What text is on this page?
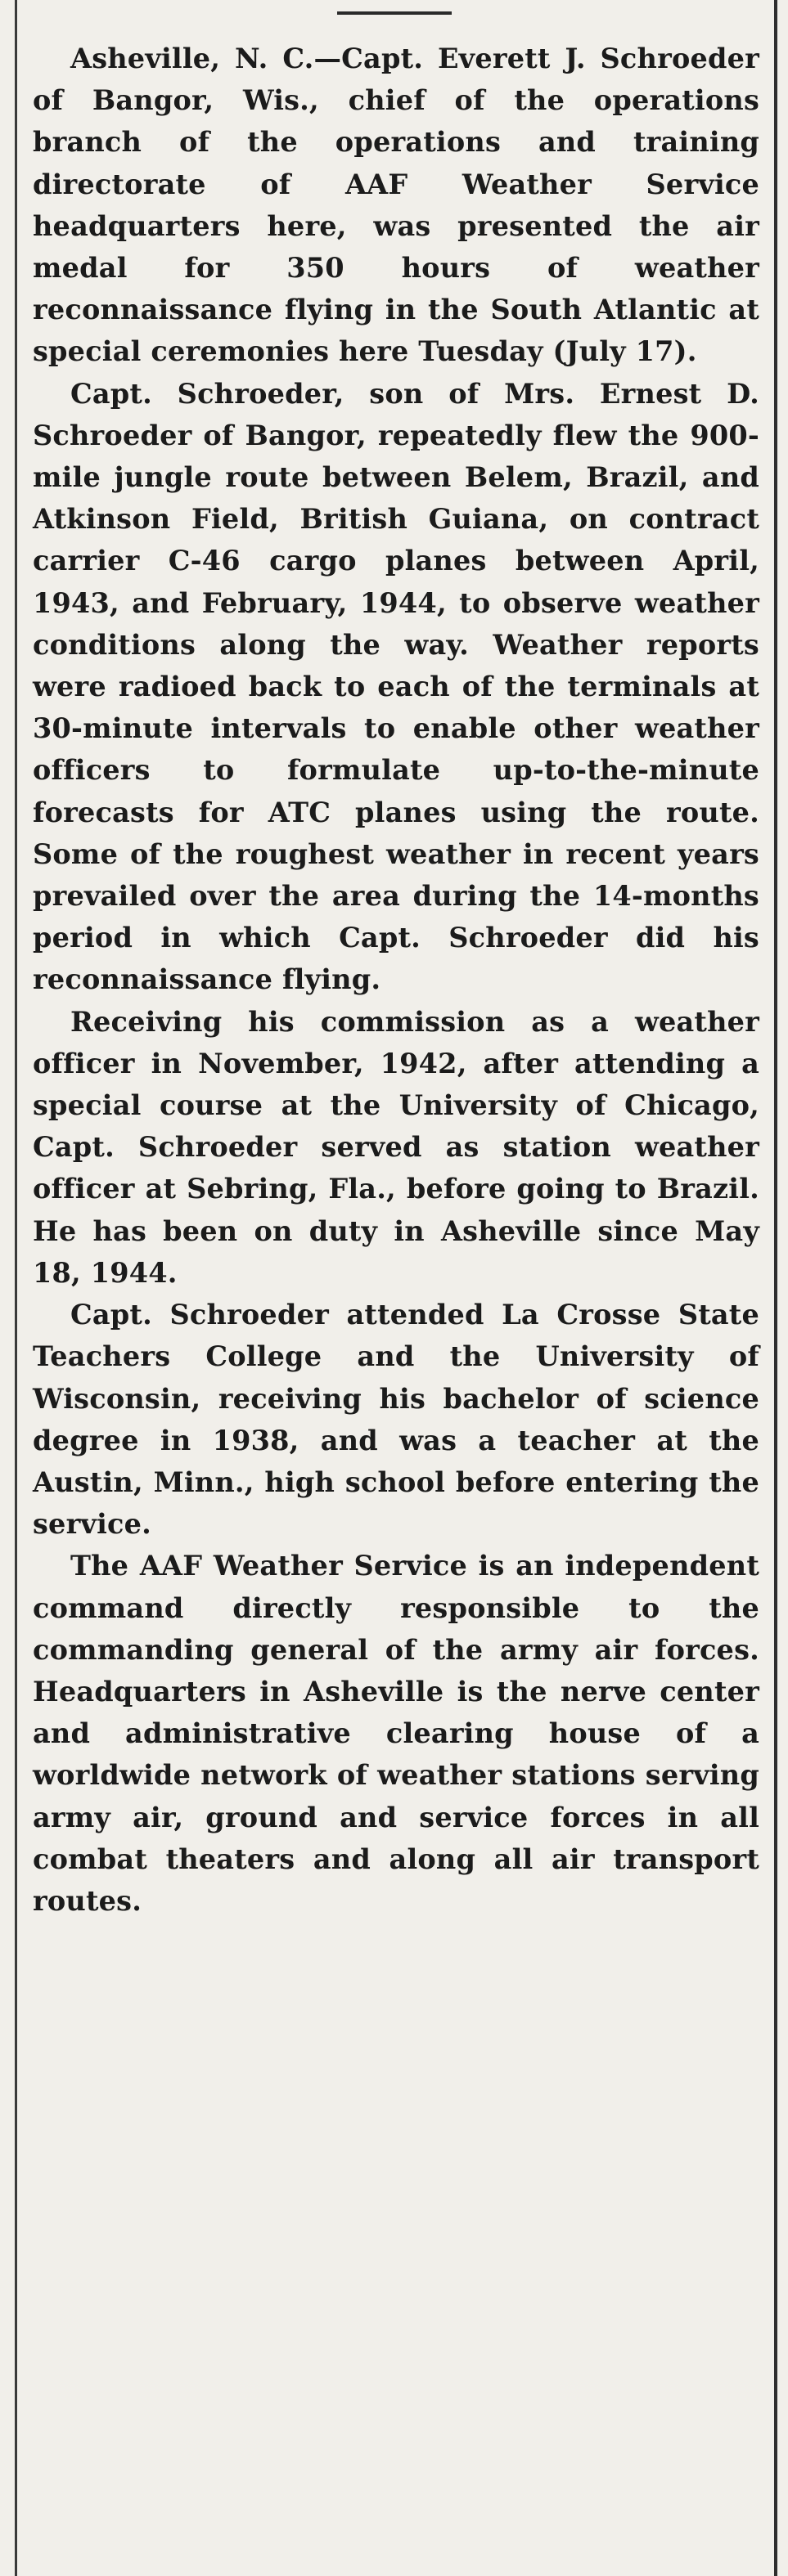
Asheville, N. C.—Capt. Everett J. Schroeder of Bangor, Wis., chief of the operations branch of the operations and training directorate of AAF Weather Service headquarters here, was presented the air medal for 350 hours of weather reconnaissance flying in the South Atlantic at special ceremonies here Tuesday (July 17).

Capt. Schroeder, son of Mrs. Ernest D. Schroeder of Bangor, repeatedly flew the 900-mile jungle route between Belem, Brazil, and Atkinson Field, British Guiana, on contract carrier C-46 cargo planes between April, 1943, and February, 1944, to observe weather conditions along the way. Weather reports were radioed back to each of the terminals at 30-minute intervals to enable other weather officers to formulate up-to-the-minute forecasts for ATC planes using the route. Some of the roughest weather in recent years prevailed over the area during the 14-months period in which Capt. Schroeder did his reconnaissance flying.

Receiving his commission as a weather officer in November, 1942, after attending a special course at the University of Chicago, Capt. Schroeder served as station weather officer at Sebring, Fla., before going to Brazil. He has been on duty in Asheville since May 18, 1944.

Capt. Schroeder attended La Crosse State Teachers College and the University of Wisconsin, receiving his bachelor of science degree in 1938, and was a teacher at the Austin, Minn., high school before entering the service.

The AAF Weather Service is an independent command directly responsible to the commanding general of the army air forces. Headquarters in Asheville is the nerve center and administrative clearing house of a worldwide network of weather stations serving army air, ground and service forces in all combat theaters and along all air transport routes.
